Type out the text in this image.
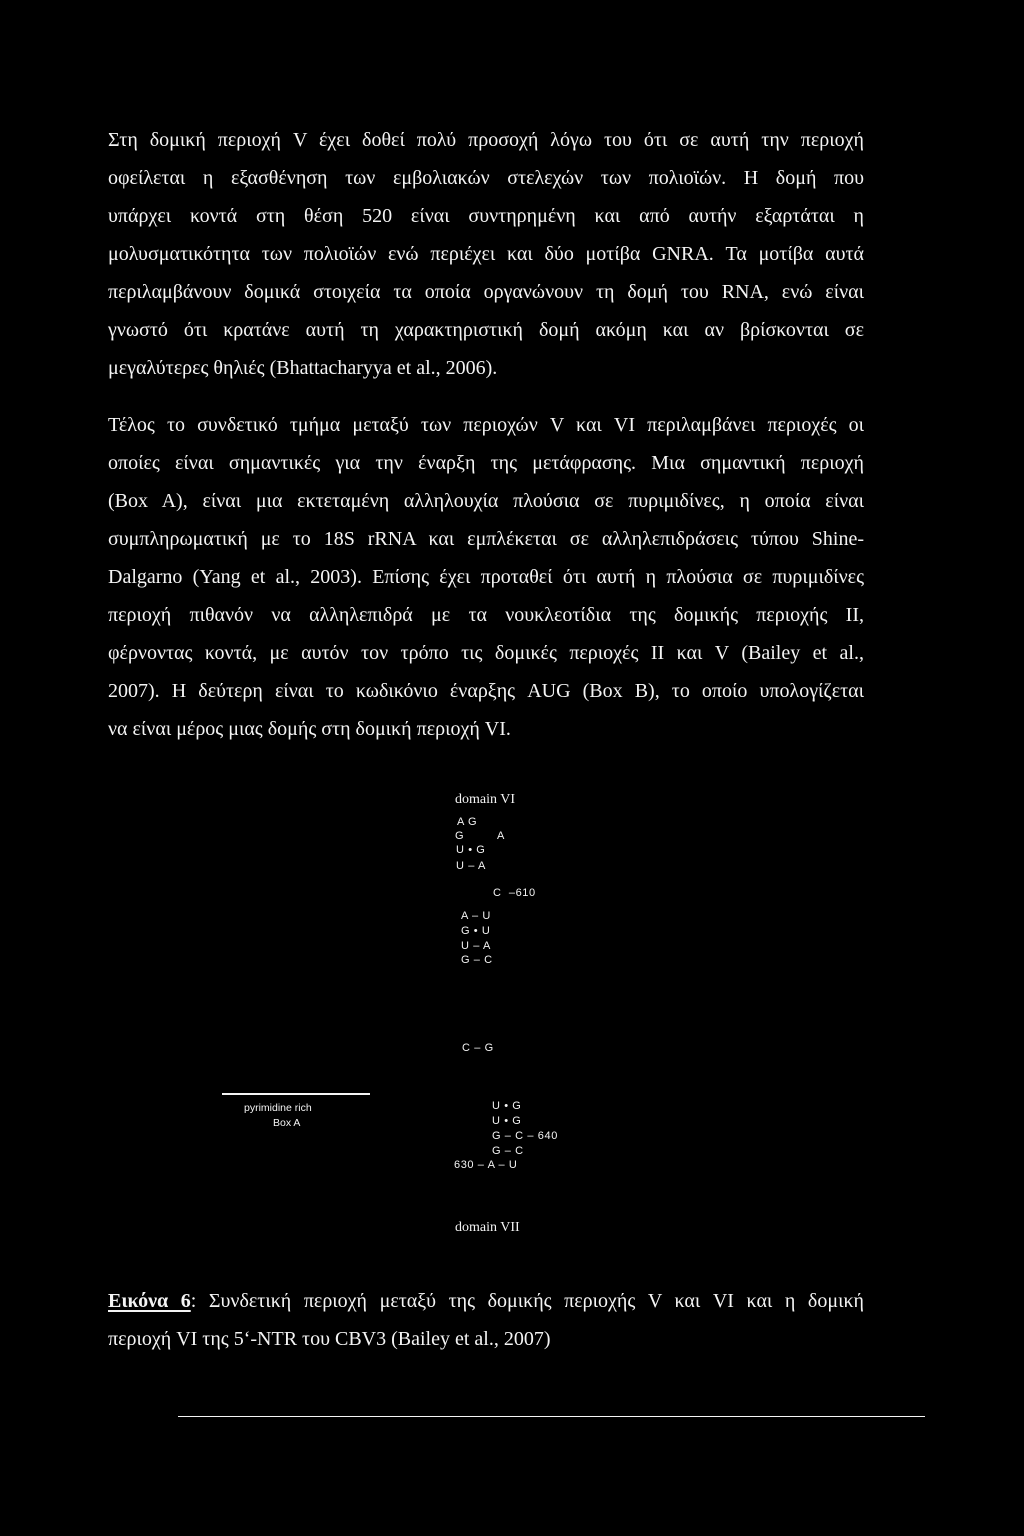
Στη δομική περιοχή V έχει δοθεί πολύ προσοχή λόγω του ότι σε αυτή την περιοχή
οφείλεται η εξασθένηση των εμβολιακών στελεχών των πολιοϊών. Η δομή που
υπάρχει κοντά στη θέση 520 είναι συντηρημένη και από αυτήν εξαρτάται η
μολυσματικότητα των πολιοϊών ενώ περιέχει και δύο μοτίβα GNRA. Τα μοτίβα αυτά
περιλαμβάνουν δομικά στοιχεία τα οποία οργανώνουν τη δομή του RNA, ενώ είναι
γνωστό ότι κρατάνε αυτή τη χαρακτηριστική δομή ακόμη και αν βρίσκονται σε
μεγαλύτερες θηλιές (Bhattacharyya et al., 2006).
Τέλος το συνδετικό τμήμα μεταξύ των περιοχών V και VI περιλαμβάνει περιοχές οι
οποίες είναι σημαντικές για την έναρξη της μετάφρασης. Μια σημαντική περιοχή
(Box A), είναι μια εκτεταμένη αλληλουχία πλούσια σε πυριμιδίνες, η οποία είναι
συμπληρωματική με το 18S rRNA και εμπλέκεται σε αλληλεπιδράσεις τύπου Shine-
Dalgarno (Yang et al., 2003). Επίσης έχει προταθεί ότι αυτή η πλούσια σε πυριμιδίνες
περιοχή πιθανόν να αλληλεπιδρά με τα νουκλεοτίδια της δομικής περιοχής II,
φέρνοντας κοντά, με αυτόν τον τρόπο τις δομικές περιοχές II και V (Bailey et al.,
2007). Η δεύτερη είναι το κωδικόνιο έναρξης AUG (Box B), το οποίο υπολογίζεται
να είναι μέρος μιας δομής στη δομική περιοχή VI.
domain VI
A G
G	A
U • G
U – A
C  –610
A – U
G • U
U – A
G – C
C – G
pyrimidine rich
Box A
U • G
U • G
G – C – 640
G – C
630 – A – U
domain VII
Εικόνα 6: Συνδετική περιοχή μεταξύ της δομικής περιοχής V και VI και η δομική
περιοχή VI της 5‘-NTR του CBV3 (Bailey et al., 2007)
